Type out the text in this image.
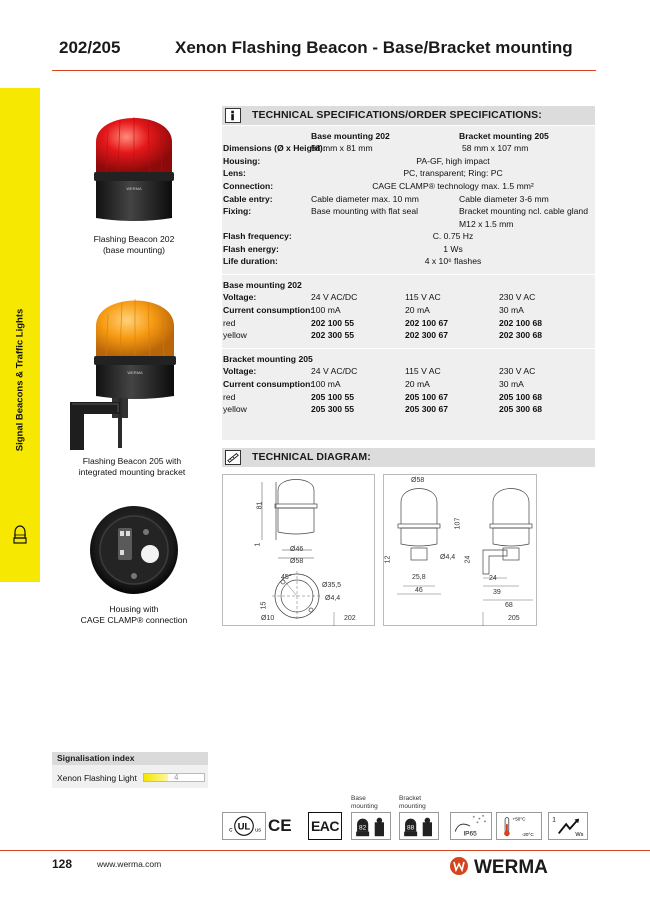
202/205	Xenon Flashing Beacon - Base/Bracket mounting
Signal Beacons & Traffic Lights
WERMA
Flashing Beacon 202
(base mounting)
WERMA
Flashing Beacon 205 with
integrated mounting bracket
Housing with
CAGE CLAMP® connection
TECHNICAL SPECIFICATIONS/ORDER SPECIFICATIONS:
Base mounting 202	Bracket mounting 205
Dimensions (Ø x Height):
58 mm x 81 mm	58 mm x 107 mm
Housing:	PA-GF, high impact
Lens:	PC, transparent; Ring: PC
Connection:	CAGE CLAMP® technology max. 1.5 mm²
Cable entry:	Cable diameter max. 10 mm	Cable diameter 3-6 mm
Fixing:	Base mounting with flat seal	Bracket mounting ncl. cable gland
M12 x 1.5 mm
Flash frequency:	C. 0.75 Hz
Flash energy:	1 Ws
Life duration:	4 x 10⁶ flashes
Base mounting 202
Voltage:	24 V AC/DC	115 V AC	230 V AC
Current consumption:
100 mA	20 mA	30 mA
red	202 100 55	202 100 67	202 100 68
yellow	202 300 55	202 300 67	202 300 68
Bracket mounting 205
Voltage:	24 V AC/DC	115 V AC	230 V AC
Current consumption:
100 mA	20 mA	30 mA
red	205 100 55	205 100 67	205 100 68
yellow	205 300 55	205 300 67	205 300 68
TECHNICAL DIAGRAM:
81
1
Ø46
Ø58
45°
Ø35,5
Ø4,4
15
Ø10	202
Ø58
107
12	Ø4,4
25,8
46
24
24
39
68
205
Signalisation index
Xenon Flashing Light	4
UL
c	us CE EAC
Base
mounting
82
Bracket
mounting
88
IP65
+50°C
-20°C
1
Ws
128	www.werma.com	WERMA
